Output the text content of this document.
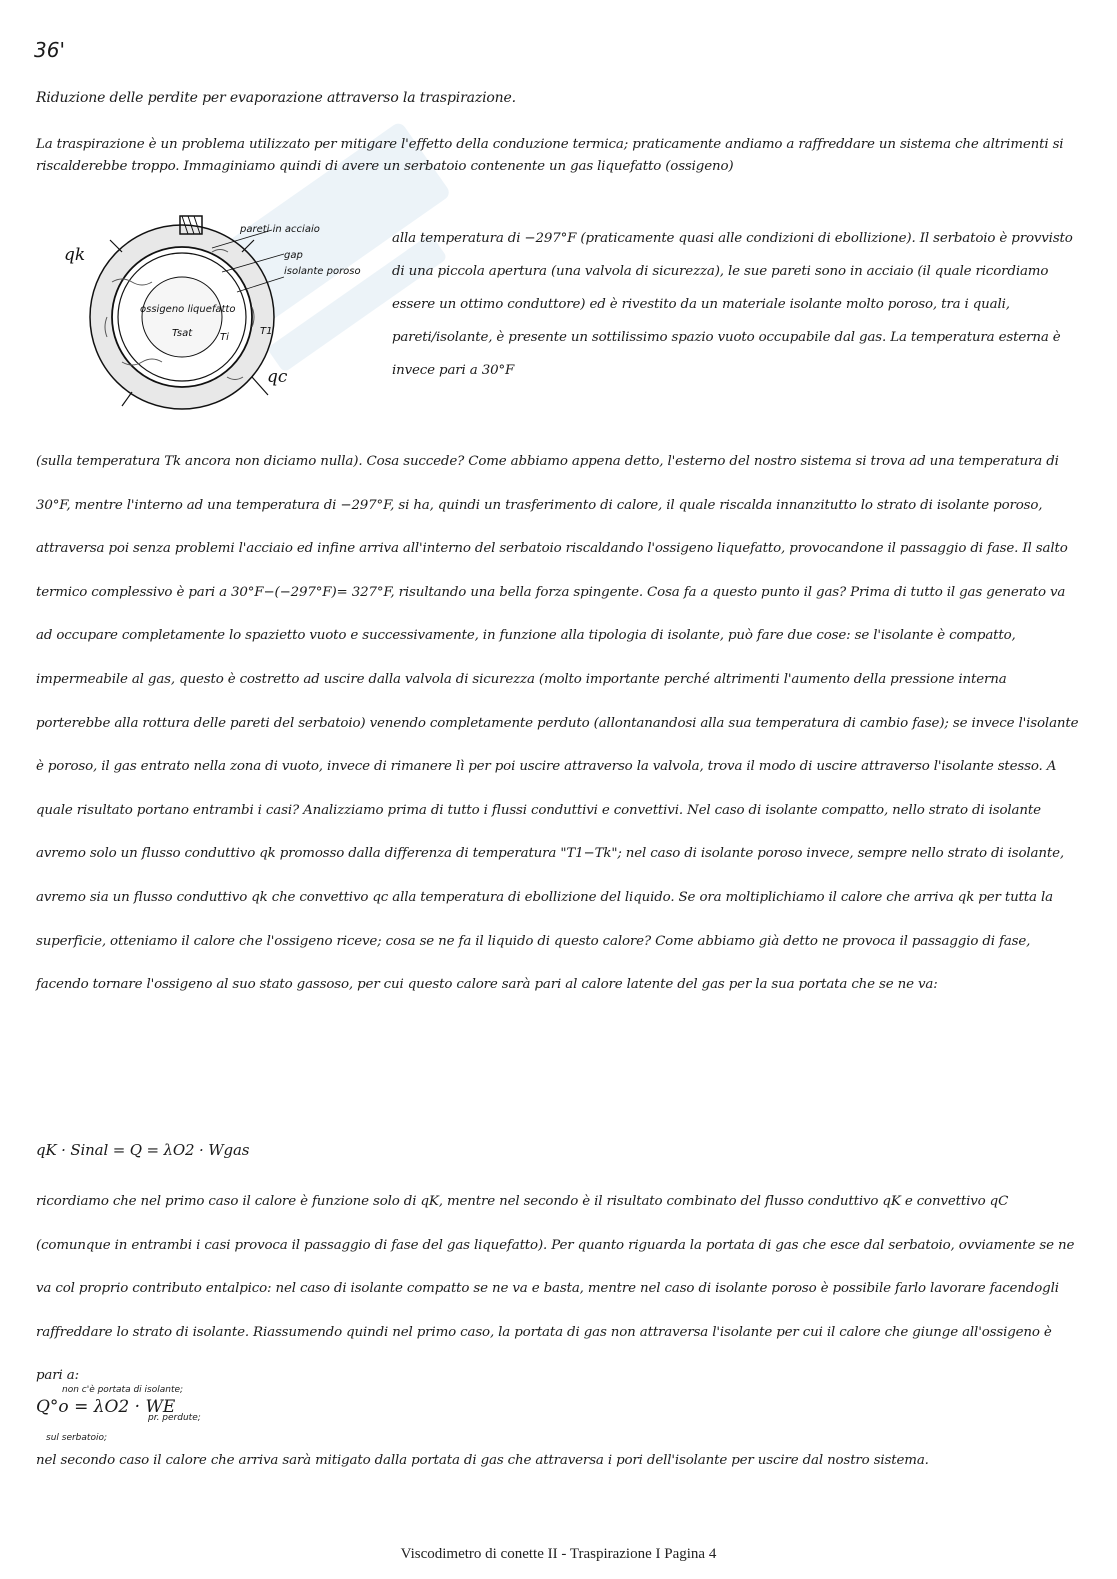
36'

Riduzione delle perdite per evaporazione attraverso la traspirazione.

La traspirazione è un problema utilizzato per mitigare l'effetto della conduzione termica; praticamente andiamo a raffreddare un sistema che altrimenti si riscalderebbe troppo. Immaginiamo quindi di avere un serbatoio contenente un gas liquefatto (ossigeno)

pareti in acciaio
gap
isolante poroso
ossigeno liquefatto
Tsat
qk
qc
T1
Ti

alla temperatura di −297°F (praticamente quasi alle condizioni di ebollizione). Il serbatoio è provvisto di una piccola apertura (una valvola di sicurezza), le sue pareti sono in acciaio (il quale ricordiamo essere un ottimo conduttore) ed è rivestito da un materiale isolante molto poroso, tra i quali, pareti/isolante, è presente un sottilissimo spazio vuoto occupabile dal gas. La temperatura esterna è invece pari a 30°F

(sulla temperatura Tk ancora non diciamo nulla). Cosa succede? Come abbiamo appena detto, l'esterno del nostro sistema si trova ad una temperatura di 30°F, mentre l'interno ad una temperatura di −297°F, si ha, quindi un trasferimento di calore, il quale riscalda innanzitutto lo strato di isolante poroso, attraversa poi senza problemi l'acciaio ed infine arriva all'interno del serbatoio riscaldando l'ossigeno liquefatto, provocandone il passaggio di fase. Il salto termico complessivo è pari a 30°F−(−297°F)= 327°F, risultando una bella forza spingente. Cosa fa a questo punto il gas? Prima di tutto il gas generato va ad occupare completamente lo spazietto vuoto e successivamente, in funzione alla tipologia di isolante, può fare due cose: se l'isolante è compatto, impermeabile al gas, questo è costretto ad uscire dalla valvola di sicurezza (molto importante perché altrimenti l'aumento della pressione interna porterebbe alla rottura delle pareti del serbatoio) venendo completamente perduto (allontanandosi alla sua temperatura di cambio fase); se invece l'isolante è poroso, il gas entrato nella zona di vuoto, invece di rimanere lì per poi uscire attraverso la valvola, trova il modo di uscire attraverso l'isolante stesso. A quale risultato portano entrambi i casi? Analizziamo prima di tutto i flussi conduttivi e convettivi. Nel caso di isolante compatto, nello strato di isolante avremo solo un flusso conduttivo qk promosso dalla differenza di temperatura "T1−Tk"; nel caso di isolante poroso invece, sempre nello strato di isolante, avremo sia un flusso conduttivo qk che convettivo qc alla temperatura di ebollizione del liquido. Se ora moltiplichiamo il calore che arriva qk per tutta la superficie, otteniamo il calore che l'ossigeno riceve; cosa se ne fa il liquido di questo calore? Come abbiamo già detto ne provoca il passaggio di fase, facendo tornare l'ossigeno al suo stato gassoso, per cui questo calore sarà pari al calore latente del gas per la sua portata che se ne va:

qK · Sinal = Q = λO2 · Wgas

ricordiamo che nel primo caso il calore è funzione solo di qK, mentre nel secondo è il risultato combinato del flusso conduttivo qK e convettivo qC (comunque in entrambi i casi provoca il passaggio di fase del gas liquefatto). Per quanto riguarda la portata di gas che esce dal serbatoio, ovviamente se ne va col proprio contributo entalpico: nel caso di isolante compatto se ne va e basta, mentre nel caso di isolante poroso è possibile farlo lavorare facendogli raffreddare lo strato di isolante. Riassumendo quindi nel primo caso, la portata di gas non attraversa l'isolante per cui il calore che giunge all'ossigeno è pari a:

non c'è portata di isolante;
Q°o = λO2 · WE
pr. perdute;
sul serbatoio;

nel secondo caso il calore che arriva sarà mitigato dalla portata di gas che attraversa i pori dell'isolante per uscire dal nostro sistema.

Viscodimetro di conette II - Traspirazione I Pagina 4
